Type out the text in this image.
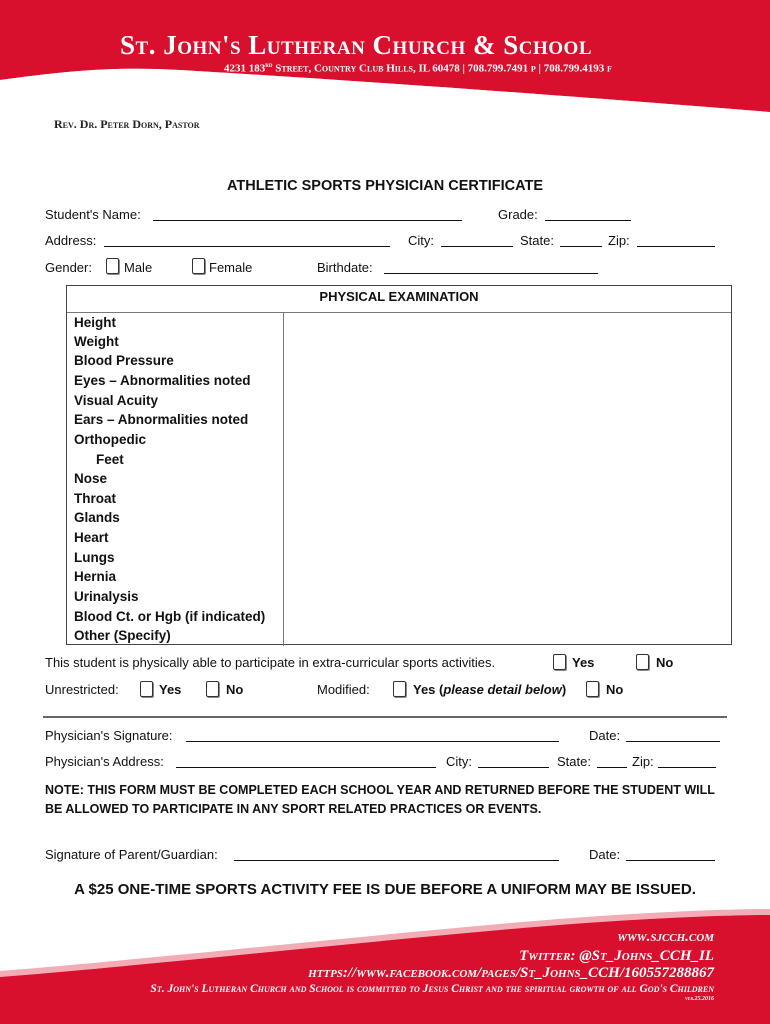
St. John's Lutheran Church & School
4231 183rd Street, Country Club Hills, IL 60478 | 708.799.7491 p | 708.799.4193 f
Rev. Dr. Peter Dorn, Pastor
ATHLETIC SPORTS PHYSICIAN CERTIFICATE
Student's Name:	Grade:
Address:	City:	State:	Zip:
Gender: Male	Female	Birthdate:
PHYSICAL EXAMINATION
Height
Weight
Blood Pressure
Eyes – Abnormalities noted
Visual Acuity
Ears – Abnormalities noted
Orthopedic
Feet
Nose
Throat
Glands
Heart
Lungs
Hernia
Urinalysis
Blood Ct. or Hgb (if indicated)
Other (Specify)
This student is physically able to participate in extra-curricular sports activities.	Yes	No
Unrestricted:	Yes	No	Modified:	Yes (please detail below)	No
Physician's Signature:	Date:
Physician's Address:	City:	State:	Zip:
NOTE: THIS FORM MUST BE COMPLETED EACH SCHOOL YEAR AND RETURNED BEFORE THE STUDENT WILL BE ALLOWED TO PARTICIPATE IN ANY SPORT RELATED PRACTICES OR EVENTS.
Signature of Parent/Guardian:	Date:
A $25 ONE-TIME SPORTS ACTIVITY FEE IS DUE BEFORE A UNIFORM MAY BE ISSUED.
www.sjcch.com
Twitter: @St_Johns_CCH_IL
https://www.facebook.com/pages/St_Johns_CCH/160557288867
St. John's Lutheran Church and School is committed to Jesus Christ and the spiritual growth of all God's Children
ver.25.2016
